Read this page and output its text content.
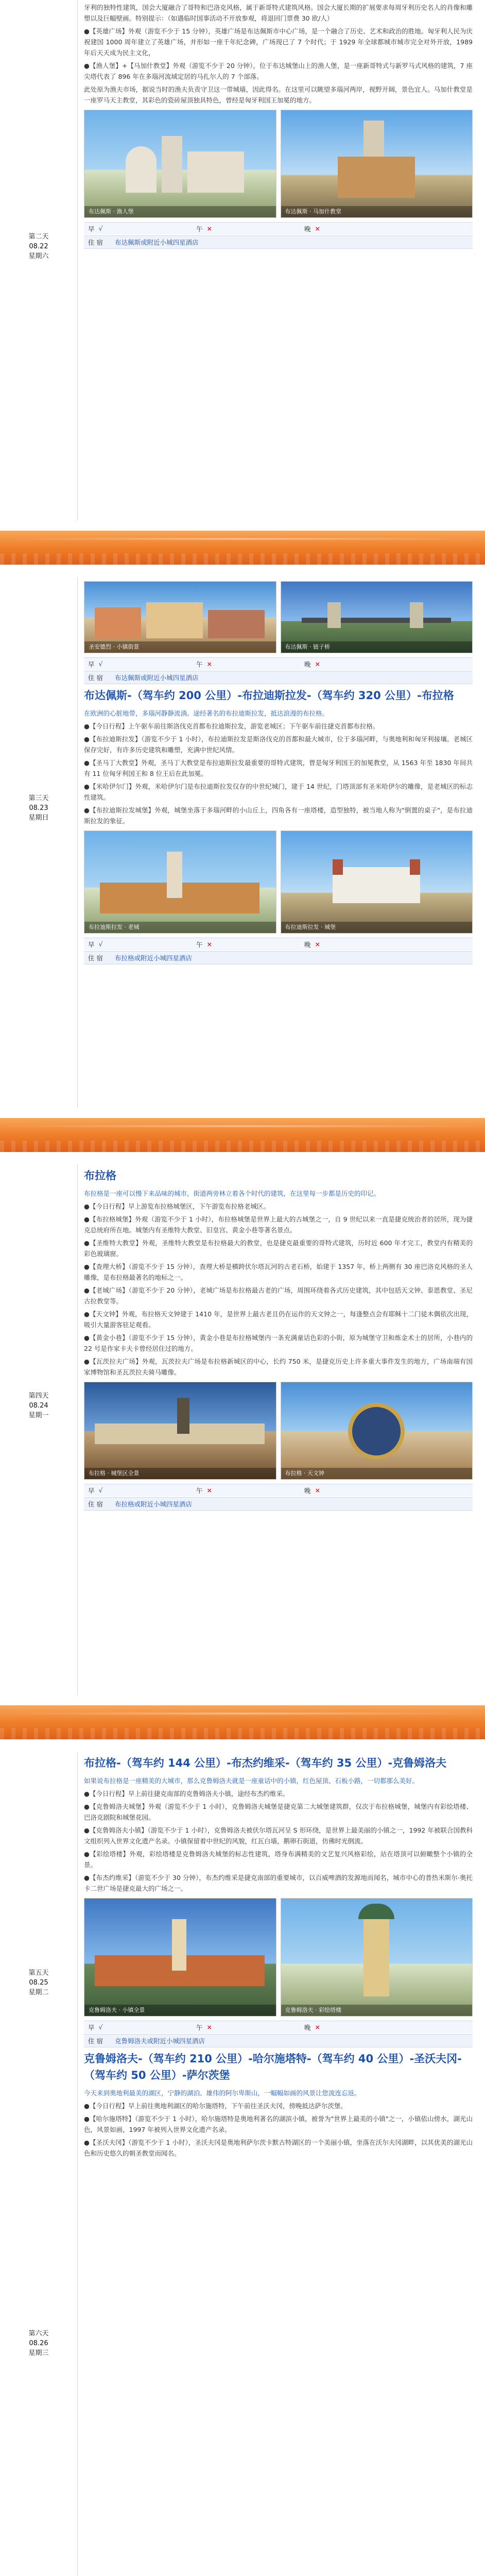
第二天
08.22
星期六

牙利的独特性建筑，国会大厦融合了哥特和巴洛克风格，属于新哥特式建筑风格。国会大厦长期的扩展要求每周牙利历史名人的肖像和雕塑以及巨幅壁画。特别提示：（如遇临时国事活动不开放参观，将退回门票费 30 欧/人）

●【英雄广场】外观（游览不少于 15 分钟），英雄广场是布达佩斯市中心广场，是一个融合了历史、艺术和政治的胜地。匈牙利人民为庆祝建国 1000 周年建立了英雄广场，并形如一座千年纪念碑，广场现已了 7 个时代；于 1929 年全球都城市城市完全对外开放，1989 年后天天成为民主文化，

●【渔人堡】+【马加什教堂】外观（游览不少于 20 分钟），位于布达城堡山上的渔人堡，是一座新哥特式与新罗马式风格的建筑，7 座尖塔代表了 896 年在多瑙河流域定居的马扎尔人的 7 个部落。

此处原为渔夫市场，据说当时的渔夫负责守卫这一带城墙，因此得名。在这里可以眺望多瑙河两岸，视野开阔，景色宜人。马加什教堂是一座罗马天主教堂，其彩色的瓷砖屋顶独具特色，曾经是匈牙利国王加冕的地方。

布达佩斯 · 渔人堡	布达佩斯 · 马加什教堂
早 √	午 ×	晚 ×
住 宿	布达佩斯或附近小城四星酒店
第三天
08.23
星期日
圣安德烈 · 小镇街景	布达佩斯 · 链子桥
早 √	午 ×	晚 ×
住 宿	布达佩斯或附近小城四星酒店
布达佩斯-（驾车约 200 公里）-布拉迪斯拉发-（驾车约 320 公里）-布拉格

在欧洲的心脏地带，多瑙河静静流淌。途经著名的布拉迪斯拉发，抵达浪漫的布拉格。

●【今日行程】上午驱车前往斯洛伐克首都布拉迪斯拉发，游览老城区；下午驱车前往捷克首都布拉格。

●【布拉迪斯拉发】（游览不少于 1 小时），布拉迪斯拉发是斯洛伐克的首都和最大城市，位于多瑙河畔，与奥地利和匈牙利接壤。老城区保存完好，有许多历史建筑和雕塑，充满中世纪风情。

●【圣马丁大教堂】外观，圣马丁大教堂是布拉迪斯拉发最重要的哥特式建筑，曾是匈牙利国王的加冕教堂，从 1563 年至 1830 年间共有 11 位匈牙利国王和 8 位王后在此加冕。

●【米哈伊尔门】外观，米哈伊尔门是布拉迪斯拉发仅存的中世纪城门，建于 14 世纪，门塔顶部有圣米哈伊尔的雕像，是老城区的标志性建筑。

●【布拉迪斯拉发城堡】外观，城堡坐落于多瑙河畔的小山丘上，四角各有一座塔楼，造型独特，被当地人称为"倒置的桌子"，是布拉迪斯拉发的象征。

布拉迪斯拉发 · 老城	布拉迪斯拉发 · 城堡
早 √	午 ×	晚 ×
住 宿	布拉格或附近小城四星酒店
第四天
08.24
星期一
布拉格

布拉格是一座可以慢下来品味的城市，街道两旁林立着各个时代的建筑，在这里每一步都是历史的印记。

●【今日行程】早上游览布拉格城堡区，下午游览布拉格老城区。

●【布拉格城堡】外观（游览不少于 1 小时），布拉格城堡是世界上最大的古城堡之一，自 9 世纪以来一直是捷克统治者的居所，现为捷克总统府所在地。城堡内有圣维特大教堂、旧皇宫、黄金小巷等著名景点。

●【圣维特大教堂】外观，圣维特大教堂是布拉格最大的教堂，也是捷克最重要的哥特式建筑，历时近 600 年才完工，教堂内有精美的彩色玻璃窗。

●【查理大桥】（游览不少于 15 分钟），查理大桥是横跨伏尔塔瓦河的古老石桥，始建于 1357 年，桥上两侧有 30 座巴洛克风格的圣人雕像，是布拉格最著名的地标之一。

●【老城广场】（游览不少于 20 分钟），老城广场是布拉格最古老的广场，周围环绕着各式历史建筑，其中包括天文钟、泰恩教堂、圣尼古拉教堂等。

●【天文钟】外观，布拉格天文钟建于 1410 年，是世界上最古老且仍在运作的天文钟之一，每逢整点会有耶稣十二门徒木偶依次出现，吸引大量游客驻足观看。

●【黄金小巷】（游览不少于 15 分钟），黄金小巷是布拉格城堡内一条充满童话色彩的小街，原为城堡守卫和炼金术士的居所，小巷内的 22 号是作家卡夫卡曾经居住过的地方。

●【瓦茨拉夫广场】外观，瓦茨拉夫广场是布拉格新城区的中心，长约 750 米，是捷克历史上许多重大事件发生的地方，广场南端有国家博物馆和圣瓦茨拉夫骑马雕像。

布拉格 · 城堡区全景	布拉格 · 天文钟
早 √	午 ×	晚 ×
住 宿	布拉格或附近小城四星酒店
第五天
08.25
星期二
第六天
08.26
星期三
布拉格-（驾车约 144 公里）-布杰约维采-（驾车约 35 公里）-克鲁姆洛夫

如果说布拉格是一座精美的大城市，那么克鲁姆洛夫就是一座童话中的小镇，红色屋顶、石板小路，一切都那么美好。

●【今日行程】早上前往捷克南部的克鲁姆洛夫小镇，途经布杰约维采。

●【克鲁姆洛夫城堡】外观（游览不少于 1 小时），克鲁姆洛夫城堡是捷克第二大城堡建筑群，仅次于布拉格城堡，城堡内有彩绘塔楼、巴洛克剧院和城堡花园。

●【克鲁姆洛夫小镇】（游览不少于 1 小时），克鲁姆洛夫被伏尔塔瓦河呈 S 形环绕，是世界上最美丽的小镇之一，1992 年被联合国教科文组织列入世界文化遗产名录。小镇保留着中世纪的风貌，红瓦白墙，鹅卵石街道，仿佛时光倒流。

●【彩绘塔楼】外观，彩绘塔楼是克鲁姆洛夫城堡的标志性建筑，塔身布满精美的文艺复兴风格彩绘，站在塔顶可以俯瞰整个小镇的全景。

●【布杰约维采】（游览不少于 30 分钟），布杰约维采是捷克南部的重要城市，以百威啤酒的发源地而闻名，城市中心的普热米斯尔·奥托卡二世广场是捷克最大的广场之一。

克鲁姆洛夫 · 小镇全景	克鲁姆洛夫 · 彩绘塔楼
早 √	午 ×	晚 ×
住 宿	克鲁姆洛夫或附近小城四星酒店
克鲁姆洛夫-（驾车约 210 公里）-哈尔施塔特-（驾车约 40 公里）-圣沃夫冈-（驾车约 50 公里）-萨尔茨堡

今天来到奥地利最美的湖区，宁静的湖泊、雄伟的阿尔卑斯山，一幅幅如画的风景让您流连忘返。

●【今日行程】早上前往奥地利湖区的哈尔施塔特，下午前往圣沃夫冈，傍晚抵达萨尔茨堡。

●【哈尔施塔特】（游览不少于 1 小时），哈尔施塔特是奥地利著名的湖滨小镇，被誉为"世界上最美的小镇"之一，小镇依山傍水，湖光山色，风景如画，1997 年被列入世界文化遗产名录。

●【圣沃夫冈】（游览不少于 1 小时），圣沃夫冈是奥地利萨尔茨卡默古特湖区的一个美丽小镇，坐落在沃尔夫冈湖畔，以其优美的湖光山色和历史悠久的朝圣教堂而闻名。
